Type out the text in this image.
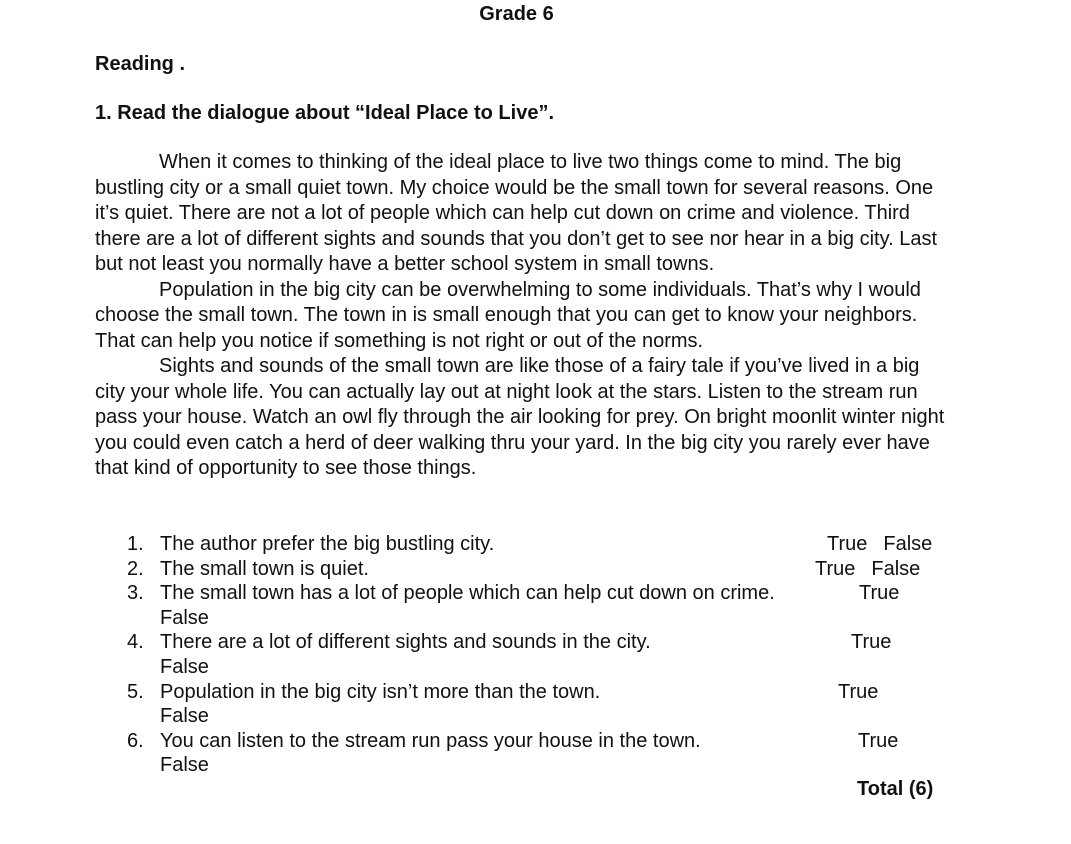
Grade 6
Reading .
1. Read the dialogue about “Ideal Place to Live”.

When it comes to thinking of the ideal place to live two things come to mind. The big bustling city or a small quiet town. My choice would be the small town for several reasons. One it’s quiet. There are not a lot of people which can help cut down on crime and violence. Third there are a lot of different sights and sounds that you don’t get to see nor hear in a big city. Last but not least you normally have a better school system in small towns.

Population in the big city can be overwhelming to some individuals. That’s why I would choose the small town. The town in is small enough that you can get to know your neighbors. That can help you notice if something is not right or out of the norms.

Sights and sounds of the small town are like those of a fairy tale if you’ve lived in a big city your whole life. You can actually lay out at night look at the stars. Listen to the stream run pass your house. Watch an owl fly through the air looking for prey. On bright moonlit winter night you could even catch a herd of deer walking thru your yard. In the big city you rarely ever have that kind of opportunity to see those things.

1. The author prefer the big bustling city.	True False
2. The small town is quiet.	True False
3. The small town has a lot of people which can help cut down on crime.	True
False
4. There are a lot of different sights and sounds in the city.	True
False
5. Population in the big city isn’t more than the town.	True
False
6. You can listen to the stream run pass your house in the town.	True
False
Total (6)
